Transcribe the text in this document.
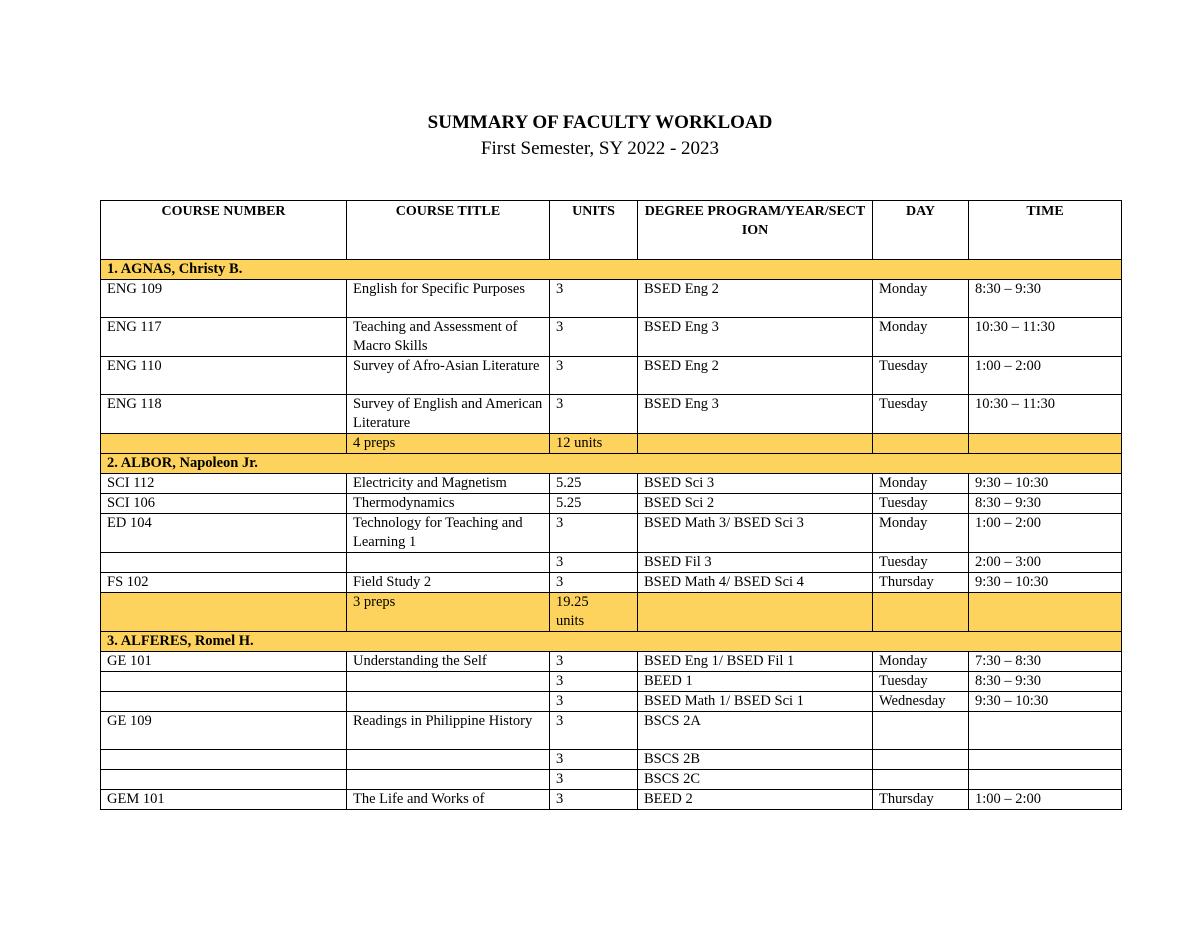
SUMMARY OF FACULTY WORKLOAD
First Semester, SY 2022 - 2023
COURSE NUMBER	COURSE TITLE	UNITS	DEGREE PROGRAM/YEAR/SECTION	DAY	TIME
1. AGNAS, Christy B.					
ENG 109	English for Specific Purposes	3	BSED Eng 2	Monday	8:30 – 9:30
ENG 117	Teaching and Assessment of Macro Skills	3	BSED Eng 3	Monday	10:30 – 11:30
ENG 110	Survey of Afro-Asian Literature	3	BSED Eng 2	Tuesday	1:00 – 2:00
ENG 118	Survey of English and American Literature	3	BSED Eng 3	Tuesday	10:30 – 11:30
	4 preps	12 units			
2. ALBOR, Napoleon Jr.					
SCI 112	Electricity and Magnetism	5.25	BSED Sci 3	Monday	9:30 – 10:30
SCI 106	Thermodynamics	5.25	BSED Sci 2	Tuesday	8:30 – 9:30
ED 104	Technology for Teaching and Learning 1	3	BSED Math 3/ BSED Sci 3	Monday	1:00 – 2:00
		3	BSED Fil 3	Tuesday	2:00 – 3:00
FS 102	Field Study 2	3	BSED Math 4/ BSED Sci 4	Thursday	9:30 – 10:30
	3 preps	19.25 units			
3. ALFERES, Romel H.					
GE 101	Understanding the Self	3	BSED Eng 1/ BSED Fil 1	Monday	7:30 – 8:30
		3	BEED 1	Tuesday	8:30 – 9:30
		3	BSED Math 1/ BSED Sci 1	Wednesday	9:30 – 10:30
GE 109	Readings in Philippine History	3	BSCS 2A		
		3	BSCS 2B		
		3	BSCS 2C		
GEM 101	The Life and Works of	3	BEED 2	Thursday	1:00 – 2:00
